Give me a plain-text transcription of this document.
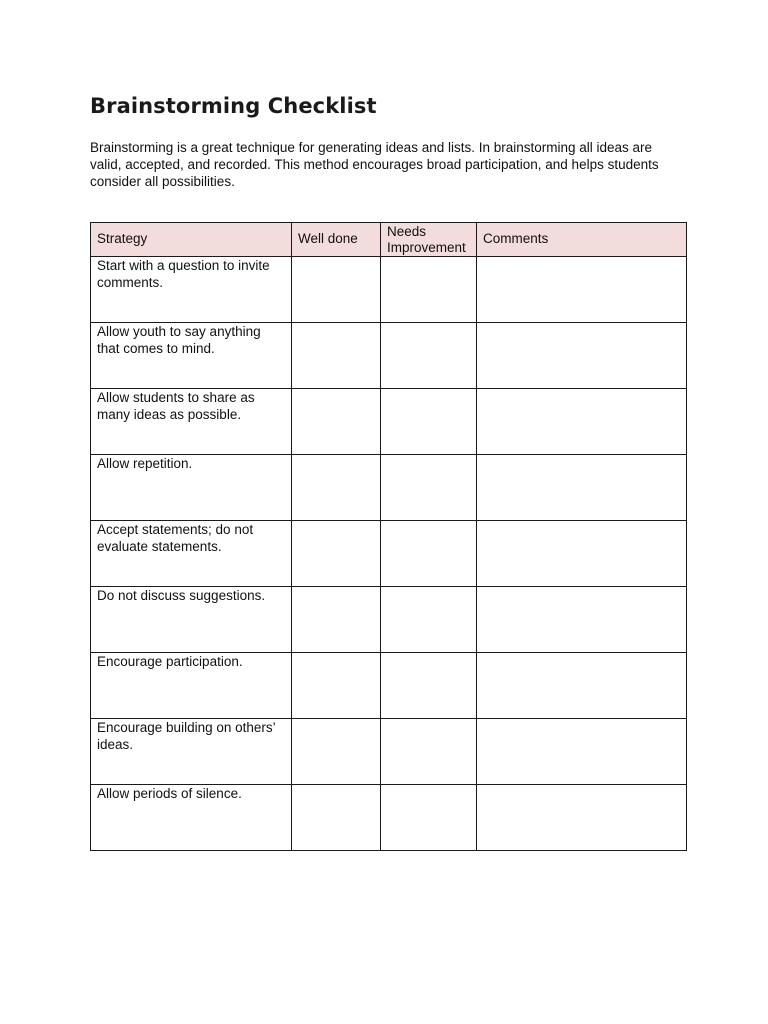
Brainstorming Checklist

Brainstorming is a great technique for generating ideas and lists. In brainstorming all ideas are valid, accepted, and recorded. This method encourages broad participation, and helps students consider all possibilities.

Strategy	Well done	Needs Improvement	Comments
Start with a question to invite comments.			
Allow youth to say anything that comes to mind.			
Allow students to share as many ideas as possible.			
Allow repetition.			
Accept statements; do not evaluate statements.			
Do not discuss suggestions.			
Encourage participation.			
Encourage building on others’ ideas.			
Allow periods of silence.			
